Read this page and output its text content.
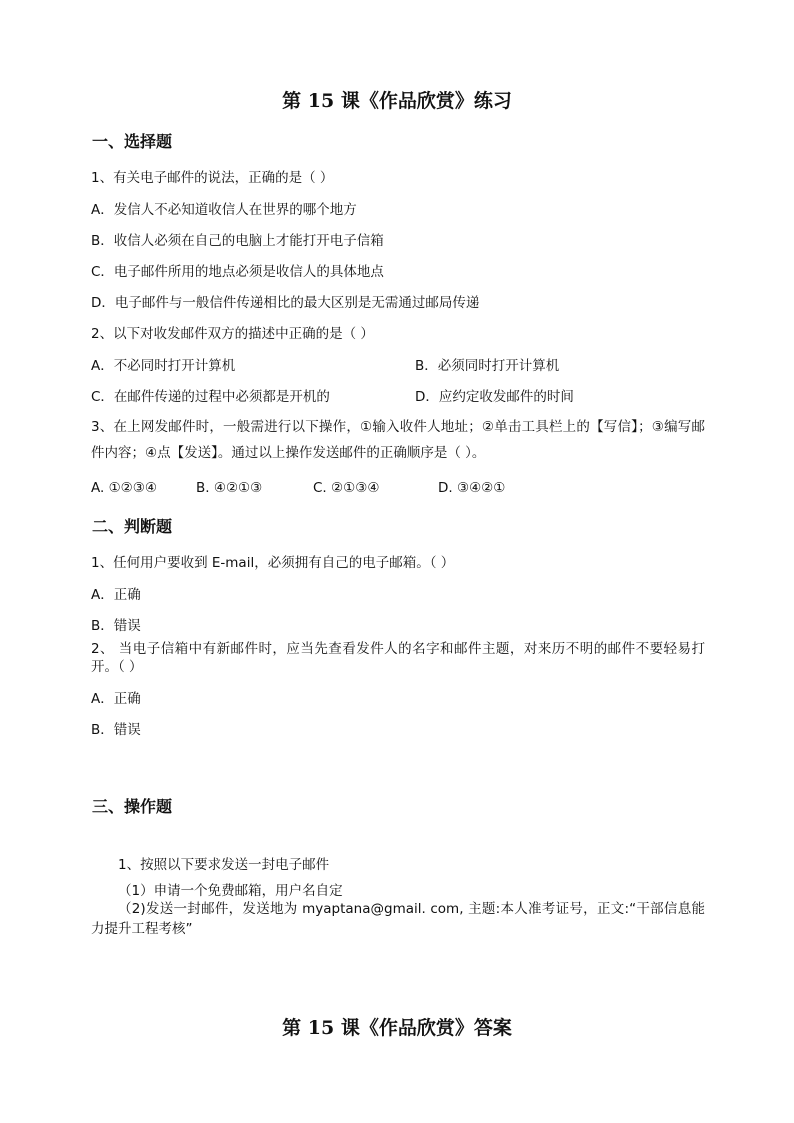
第 15 课《作品欣赏》练习
一、选择题
1、有关电子邮件的说法，正确的是（ ）
A．发信人不必知道收信人在世界的哪个地方
B．收信人必须在自己的电脑上才能打开电子信箱
C．电子邮件所用的地点必须是收信人的具体地点
D．电子邮件与一般信件传递相比的最大区别是无需通过邮局传递
2、以下对收发邮件双方的描述中正确的是（ ）
A．不必同时打开计算机	B．必须同时打开计算机
C．在邮件传递的过程中必须都是开机的	D．应约定收发邮件的时间
3、在上网发邮件时，一般需进行以下操作，①输入收件人地址；②单击工具栏上的【写信】；③编写邮件内容；④点【发送】。通过以上操作发送邮件的正确顺序是（ ）。
A. ①②③④	B. ④②①③	C. ②①③④	D. ③④②①
二、判断题
1、任何用户要收到 E-mail，必须拥有自己的电子邮箱。（ ）
A．正确
B．错误
2、 当电子信箱中有新邮件时，应当先查看发件人的名字和邮件主题，对来历不明的邮件不要轻易打开。（ ）
A．正确
B．错误
三、操作题
1、按照以下要求发送一封电子邮件
（1）申请一个免费邮箱，用户名自定
（2)发送一封邮件，发送地为 myaptana@gmail. com, 主题:本人准考证号，正文:“干部信息能力提升工程考核”
第 15 课《作品欣赏》答案
